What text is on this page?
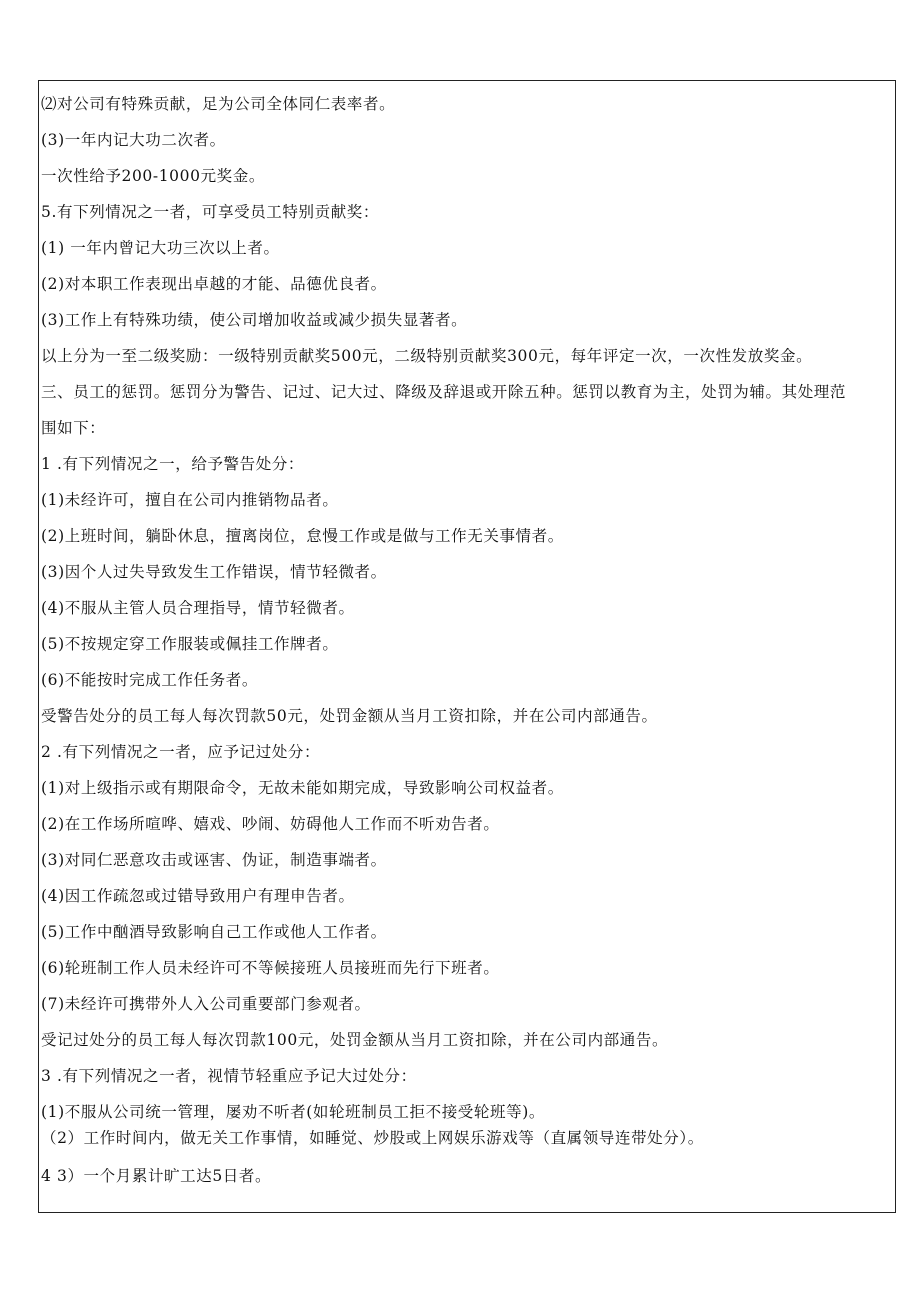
⑵对公司有特殊贡献，足为公司全体同仁表率者。
(3)一年内记大功二次者。
一次性给予200-1000元奖金。
5.有下列情况之一者，可享受员工特别贡献奖：
(1) 一年内曾记大功三次以上者。
(2)对本职工作表现出卓越的才能、品德优良者。
(3)工作上有特殊功绩，使公司增加收益或减少损失显著者。
以上分为一至二级奖励：一级特别贡献奖500元，二级特别贡献奖300元，每年评定一次，一次性发放奖金。
三、员工的惩罚。惩罚分为警告、记过、记大过、降级及辞退或开除五种。惩罚以教育为主，处罚为辅。其处理范
围如下：
1 .有下列情况之一，给予警告处分：
(1)未经许可，擅自在公司内推销物品者。
(2)上班时间，躺卧休息，擅离岗位，怠慢工作或是做与工作无关事情者。
(3)因个人过失导致发生工作错误，情节轻微者。
(4)不服从主管人员合理指导，情节轻微者。
(5)不按规定穿工作服装或佩挂工作牌者。
(6)不能按时完成工作任务者。
受警告处分的员工每人每次罚款50元，处罚金额从当月工资扣除，并在公司内部通告。
2 .有下列情况之一者，应予记过处分：
(1)对上级指示或有期限命令，无故未能如期完成，导致影响公司权益者。
(2)在工作场所喧哗、嬉戏、吵闹、妨碍他人工作而不听劝告者。
(3)对同仁恶意攻击或诬害、伪证，制造事端者。
(4)因工作疏忽或过错导致用户有理申告者。
(5)工作中酗酒导致影响自己工作或他人工作者。
(6)轮班制工作人员未经许可不等候接班人员接班而先行下班者。
(7)未经许可携带外人入公司重要部门参观者。
受记过处分的员工每人每次罚款100元，处罚金额从当月工资扣除，并在公司内部通告。
3 .有下列情况之一者，视情节轻重应予记大过处分：
(1)不服从公司统一管理，屡劝不听者(如轮班制员工拒不接受轮班等)。
（2）工作时间内，做无关工作事情，如睡觉、炒股或上网娱乐游戏等（直属领导连带处分）。
4 3）一个月累计旷工达5日者。
